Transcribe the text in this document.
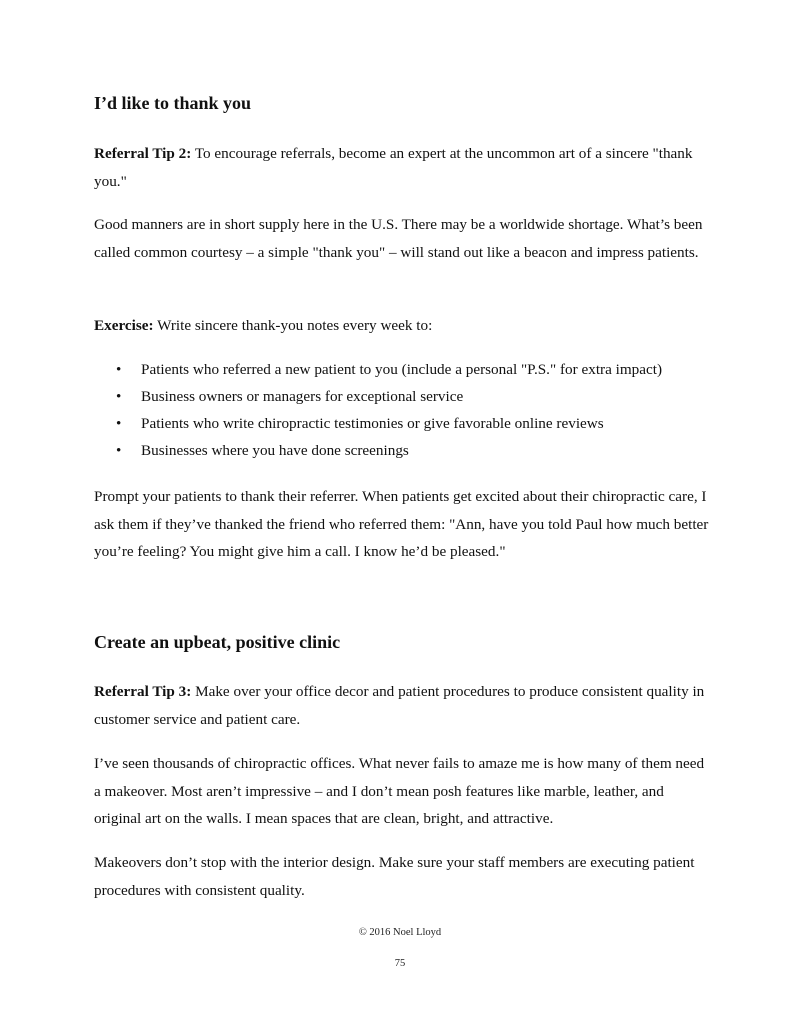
I’d like to thank you

Referral Tip 2: To encourage referrals, become an expert at the uncommon art of a sincere "thank you."

Good manners are in short supply here in the U.S. There may be a worldwide shortage. What’s been called common courtesy – a simple "thank you" – will stand out like a beacon and impress patients.

Exercise: Write sincere thank-you notes every week to:

• Patients who referred a new patient to you (include a personal "P.S." for extra impact)
• Business owners or managers for exceptional service
• Patients who write chiropractic testimonies or give favorable online reviews
• Businesses where you have done screenings

Prompt your patients to thank their referrer. When patients get excited about their chiropractic care, I ask them if they’ve thanked the friend who referred them: "Ann, have you told Paul how much better you’re feeling? You might give him a call. I know he’d be pleased."

Create an upbeat, positive clinic

Referral Tip 3: Make over your office decor and patient procedures to produce consistent quality in customer service and patient care.

I’ve seen thousands of chiropractic offices. What never fails to amaze me is how many of them need a makeover. Most aren’t impressive – and I don’t mean posh features like marble, leather, and original art on the walls. I mean spaces that are clean, bright, and attractive.

Makeovers don’t stop with the interior design. Make sure your staff members are executing patient procedures with consistent quality.

© 2016 Noel Lloyd
75
